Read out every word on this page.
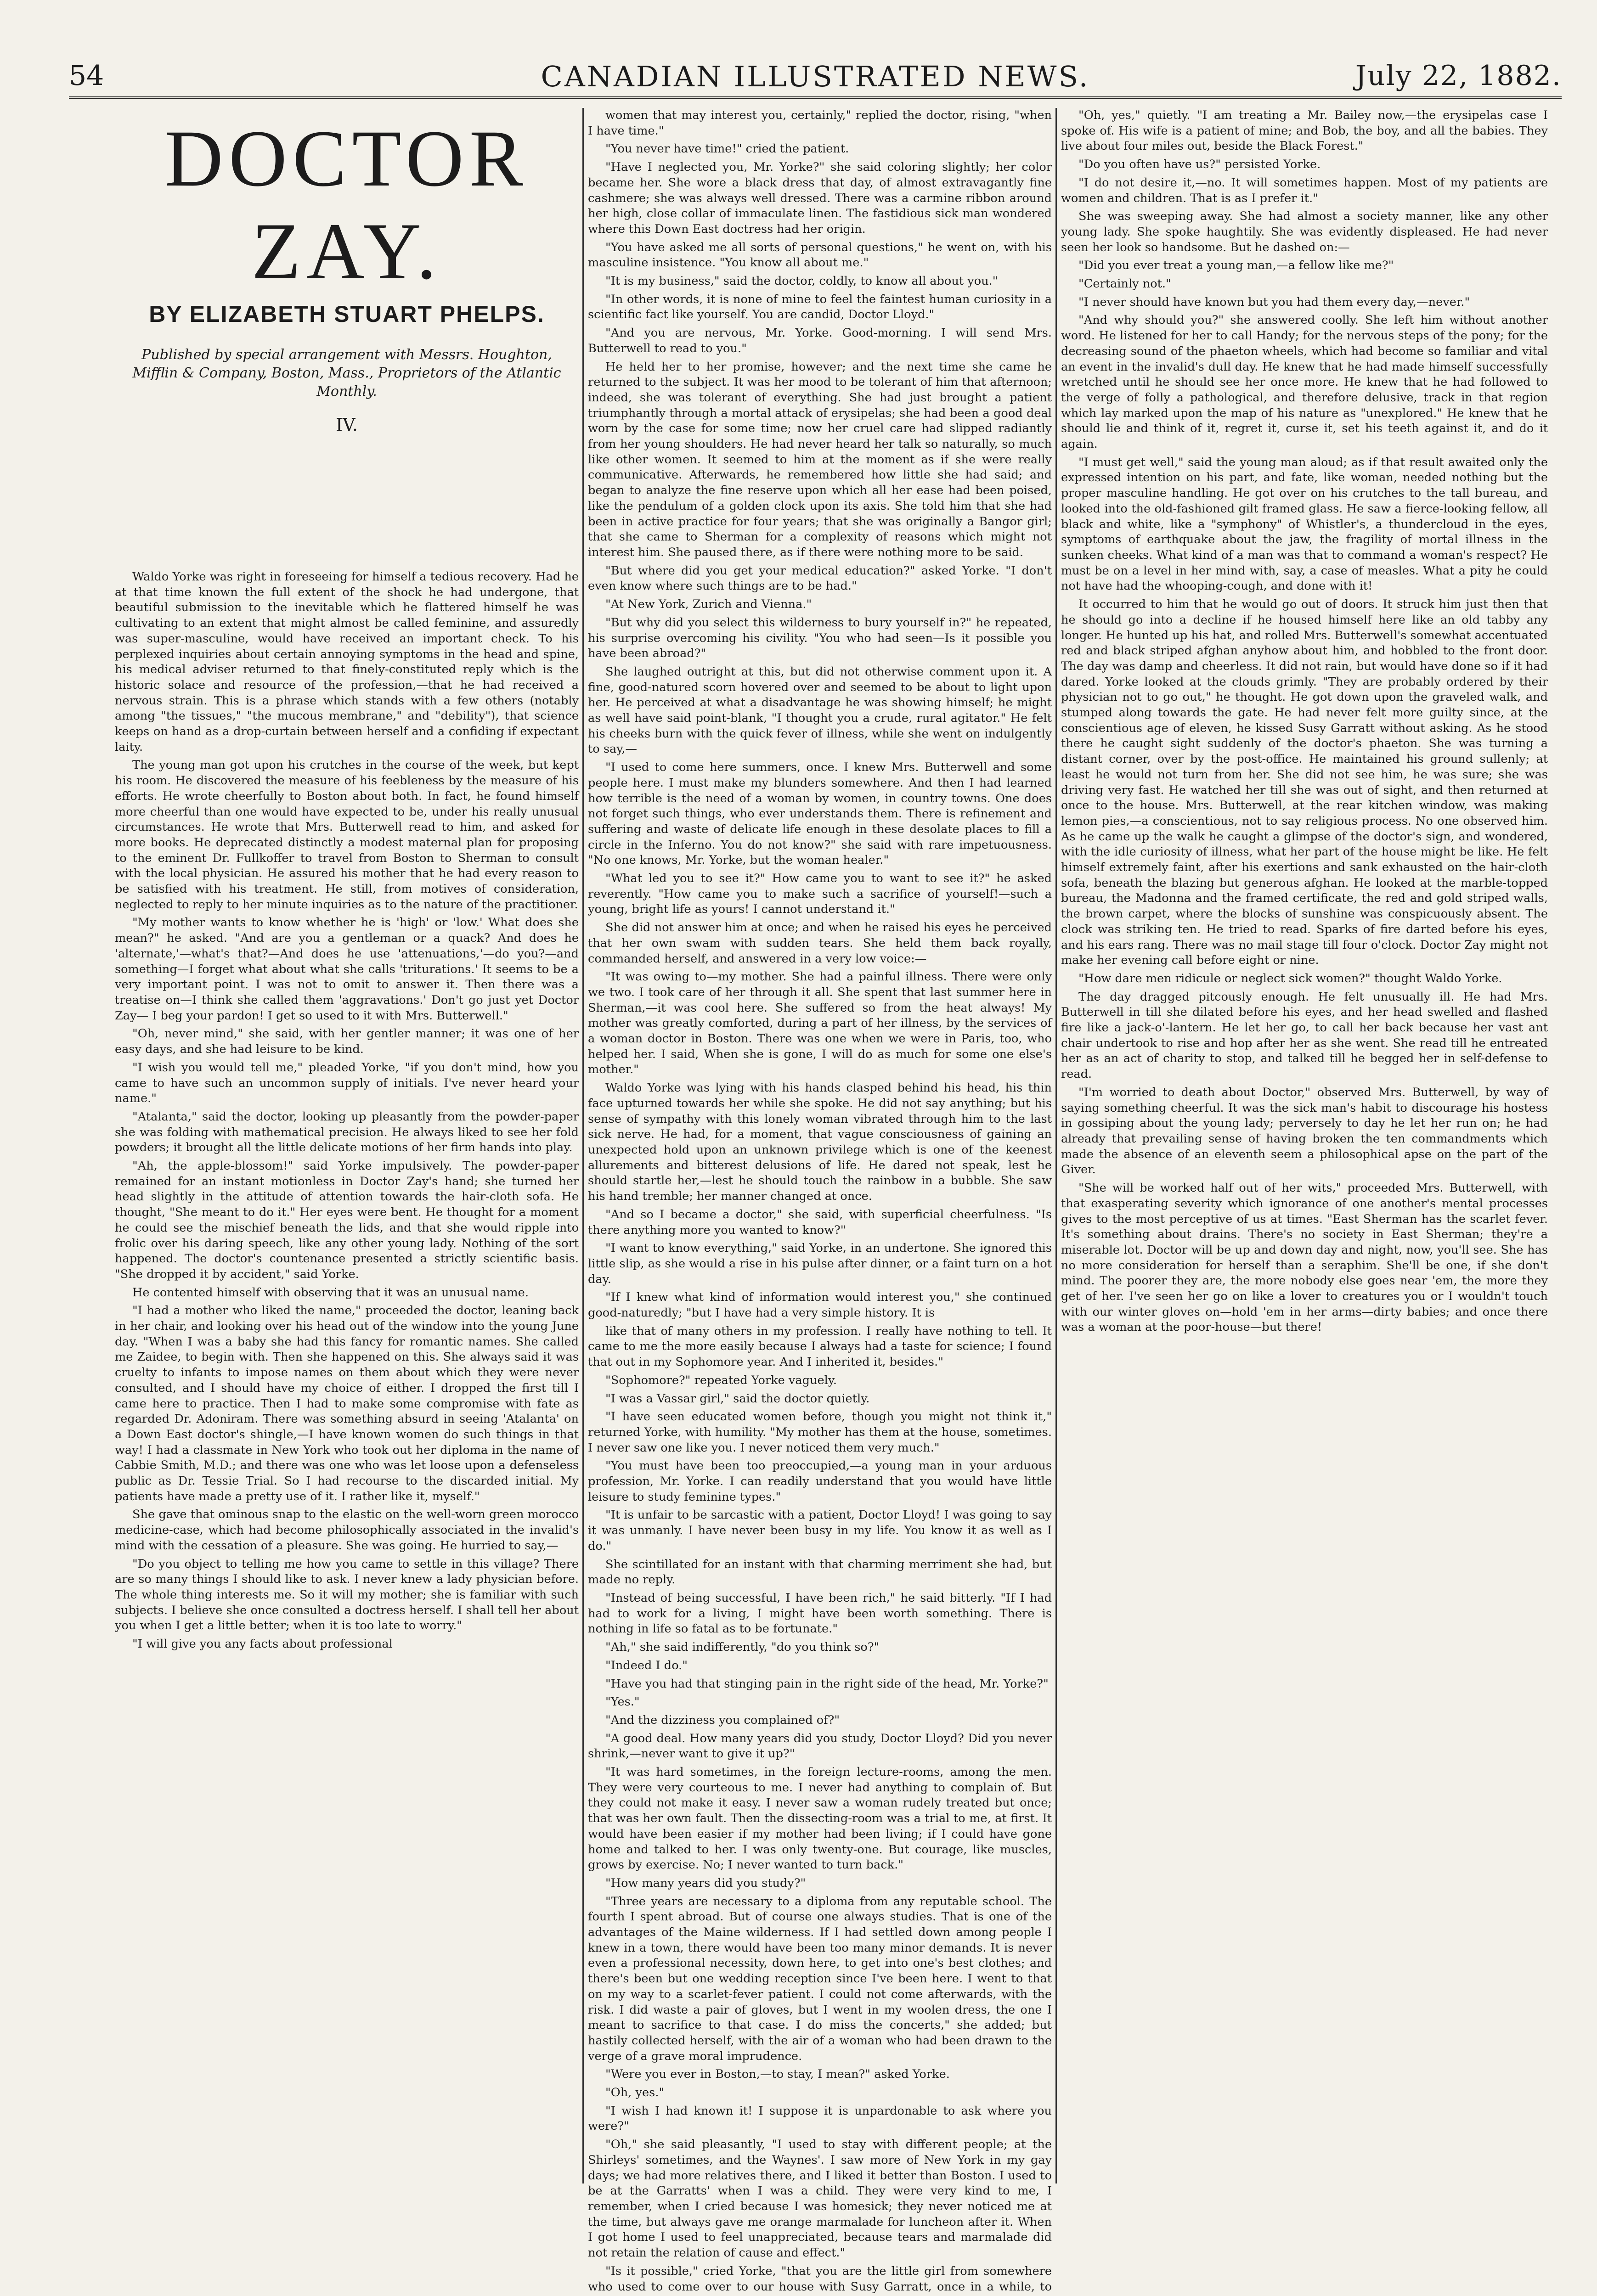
54	CANADIAN ILLUSTRATED NEWS.	July 22, 1882.
DOCTOR ZAY.
BY ELIZABETH STUART PHELPS.
Published by special arrangement with Messrs. Houghton, Mifflin & Company, Boston, Mass., Proprietors of the Atlantic Monthly.
IV.

Waldo Yorke was right in foreseeing for himself a tedious recovery. Had he at that time known the full extent of the shock he had undergone, that beautiful submission to the inevitable which he flattered himself he was cultivating to an extent that might almost be called feminine, and assuredly was super-masculine, would have received an important check. To his perplexed inquiries about certain annoying symptoms in the head and spine, his medical adviser returned to that finely-constituted reply which is the historic solace and resource of the profession,—that he had received a nervous strain. This is a phrase which stands with a few others (notably among "the tissues," "the mucous membrane," and "debility"), that science keeps on hand as a drop-curtain between herself and a confiding if expectant laity.

The young man got upon his crutches in the course of the week, but kept his room. He discovered the measure of his feebleness by the measure of his efforts. He wrote cheerfully to Boston about both. In fact, he found himself more cheerful than one would have expected to be, under his really unusual circumstances. He wrote that Mrs. Butterwell read to him, and asked for more books. He deprecated distinctly a modest maternal plan for proposing to the eminent Dr. Fullkoffer to travel from Boston to Sherman to consult with the local physician. He assured his mother that he had every reason to be satisfied with his treatment. He still, from motives of consideration, neglected to reply to her minute inquiries as to the nature of the practitioner.

"My mother wants to know whether he is 'high' or 'low.' What does she mean?" he asked. "And are you a gentleman or a quack? And does he 'alternate,'—what's that?—And does he use 'attenuations,'—do you?—and something—I forget what about what she calls 'triturations.' It seems to be a very important point. I was not to omit to answer it. Then there was a treatise on—I think she called them 'aggravations.' Don't go just yet Doctor Zay— I beg your pardon! I get so used to it with Mrs. Butterwell."

"Oh, never mind," she said, with her gentler manner; it was one of her easy days, and she had leisure to be kind.

"I wish you would tell me," pleaded Yorke, "if you don't mind, how you came to have such an uncommon supply of initials. I've never heard your name."

"Atalanta," said the doctor, looking up pleasantly from the powder-paper she was folding with mathematical precision. He always liked to see her fold powders; it brought all the little delicate motions of her firm hands into play.

"Ah, the apple-blossom!" said Yorke impulsively. The powder-paper remained for an instant motionless in Doctor Zay's hand; she turned her head slightly in the attitude of attention towards the hair-cloth sofa. He thought, "She meant to do it." Her eyes were bent. He thought for a moment he could see the mischief beneath the lids, and that she would ripple into frolic over his daring speech, like any other young lady. Nothing of the sort happened. The doctor's countenance presented a strictly scientific basis. "She dropped it by accident," said Yorke.

He contented himself with observing that it was an unusual name.

"I had a mother who liked the name," proceeded the doctor, leaning back in her chair, and looking over his head out of the window into the young June day. "When I was a baby she had this fancy for romantic names. She called me Zaidee, to begin with. Then she happened on this. She always said it was cruelty to infants to impose names on them about which they were never consulted, and I should have my choice of either. I dropped the first till I came here to practice. Then I had to make some compromise with fate as regarded Dr. Adoniram. There was something absurd in seeing 'Atalanta' on a Down East doctor's shingle,—I have known women do such things in that way! I had a classmate in New York who took out her diploma in the name of Cabbie Smith, M.D.; and there was one who was let loose upon a defenseless public as Dr. Tessie Trial. So I had recourse to the discarded initial. My patients have made a pretty use of it. I rather like it, myself."

She gave that ominous snap to the elastic on the well-worn green morocco medicine-case, which had become philosophically associated in the invalid's mind with the cessation of a pleasure. She was going. He hurried to say,—

"Do you object to telling me how you came to settle in this village? There are so many things I should like to ask. I never knew a lady physician before. The whole thing interests me. So it will my mother; she is familiar with such subjects. I believe she once consulted a doctress herself. I shall tell her about you when I get a little better; when it is too late to worry."

"I will give you any facts about professional

women that may interest you, certainly," replied the doctor, rising, "when I have time."

"You never have time!" cried the patient.

"Have I neglected you, Mr. Yorke?" she said coloring slightly; her color became her. She wore a black dress that day, of almost extravagantly fine cashmere; she was always well dressed. There was a carmine ribbon around her high, close collar of immaculate linen. The fastidious sick man wondered where this Down East doctress had her origin.

"You have asked me all sorts of personal questions," he went on, with his masculine insistence. "You know all about me."

"It is my business," said the doctor, coldly, to know all about you."

"In other words, it is none of mine to feel the faintest human curiosity in a scientific fact like yourself. You are candid, Doctor Lloyd."

"And you are nervous, Mr. Yorke. Good-morning. I will send Mrs. Butterwell to read to you."

He held her to her promise, however; and the next time she came he returned to the subject. It was her mood to be tolerant of him that afternoon; indeed, she was tolerant of everything. She had just brought a patient triumphantly through a mortal attack of erysipelas; she had been a good deal worn by the case for some time; now her cruel care had slipped radiantly from her young shoulders. He had never heard her talk so naturally, so much like other women. It seemed to him at the moment as if she were really communicative. Afterwards, he remembered how little she had said; and began to analyze the fine reserve upon which all her ease had been poised, like the pendulum of a golden clock upon its axis. She told him that she had been in active practice for four years; that she was originally a Bangor girl; that she came to Sherman for a complexity of reasons which might not interest him. She paused there, as if there were nothing more to be said.

"But where did you get your medical education?" asked Yorke. "I don't even know where such things are to be had."

"At New York, Zurich and Vienna."

"But why did you select this wilderness to bury yourself in?" he repeated, his surprise overcoming his civility. "You who had seen—Is it possible you have been abroad?"

She laughed outright at this, but did not otherwise comment upon it. A fine, good-natured scorn hovered over and seemed to be about to light upon her. He perceived at what a disadvantage he was showing himself; he might as well have said point-blank, "I thought you a crude, rural agitator." He felt his cheeks burn with the quick fever of illness, while she went on indulgently to say,—

"I used to come here summers, once. I knew Mrs. Butterwell and some people here. I must make my blunders somewhere. And then I had learned how terrible is the need of a woman by women, in country towns. One does not forget such things, who ever understands them. There is refinement and suffering and waste of delicate life enough in these desolate places to fill a circle in the Inferno. You do not know?" she said with rare impetuousness. "No one knows, Mr. Yorke, but the woman healer."

"What led you to see it?" How came you to want to see it?" he asked reverently. "How came you to make such a sacrifice of yourself!—such a young, bright life as yours! I cannot understand it."

She did not answer him at once; and when he raised his eyes he perceived that her own swam with sudden tears. She held them back royally, commanded herself, and answered in a very low voice:—

"It was owing to—my mother. She had a painful illness. There were only we two. I took care of her through it all. She spent that last summer here in Sherman,—it was cool here. She suffered so from the heat always! My mother was greatly comforted, during a part of her illness, by the services of a woman doctor in Boston. There was one when we were in Paris, too, who helped her. I said, When she is gone, I will do as much for some one else's mother."

Waldo Yorke was lying with his hands clasped behind his head, his thin face upturned towards her while she spoke. He did not say anything; but his sense of sympathy with this lonely woman vibrated through him to the last sick nerve. He had, for a moment, that vague consciousness of gaining an unexpected hold upon an unknown privilege which is one of the keenest allurements and bitterest delusions of life. He dared not speak, lest he should startle her,—lest he should touch the rainbow in a bubble. She saw his hand tremble; her manner changed at once.

"And so I became a doctor," she said, with superficial cheerfulness. "Is there anything more you wanted to know?"

"I want to know everything," said Yorke, in an undertone. She ignored this little slip, as she would a rise in his pulse after dinner, or a faint turn on a hot day.

"If I knew what kind of information would interest you," she continued good-naturedly; "but I have had a very simple history. It is

like that of many others in my profession. I really have nothing to tell. It came to me the more easily because I always had a taste for science; I found that out in my Sophomore year. And I inherited it, besides."

"Sophomore?" repeated Yorke vaguely.

"I was a Vassar girl," said the doctor quietly.

"I have seen educated women before, though you might not think it," returned Yorke, with humility. "My mother has them at the house, sometimes. I never saw one like you. I never noticed them very much."

"You must have been too preoccupied,—a young man in your arduous profession, Mr. Yorke. I can readily understand that you would have little leisure to study feminine types."

"It is unfair to be sarcastic with a patient, Doctor Lloyd! I was going to say it was unmanly. I have never been busy in my life. You know it as well as I do."

She scintillated for an instant with that charming merriment she had, but made no reply.

"Instead of being successful, I have been rich," he said bitterly. "If I had had to work for a living, I might have been worth something. There is nothing in life so fatal as to be fortunate."

"Ah," she said indifferently, "do you think so?"

"Indeed I do."

"Have you had that stinging pain in the right side of the head, Mr. Yorke?"

"Yes."

"And the dizziness you complained of?"

"A good deal. How many years did you study, Doctor Lloyd? Did you never shrink,—never want to give it up?"

"It was hard sometimes, in the foreign lecture-rooms, among the men. They were very courteous to me. I never had anything to complain of. But they could not make it easy. I never saw a woman rudely treated but once; that was her own fault. Then the dissecting-room was a trial to me, at first. It would have been easier if my mother had been living; if I could have gone home and talked to her. I was only twenty-one. But courage, like muscles, grows by exercise. No; I never wanted to turn back."

"How many years did you study?"

"Three years are necessary to a diploma from any reputable school. The fourth I spent abroad. But of course one always studies. That is one of the advantages of the Maine wilderness. If I had settled down among people I knew in a town, there would have been too many minor demands. It is never even a professional necessity, down here, to get into one's best clothes; and there's been but one wedding reception since I've been here. I went to that on my way to a scarlet-fever patient. I could not come afterwards, with the risk. I did waste a pair of gloves, but I went in my woolen dress, the one I meant to sacrifice to that case. I do miss the concerts," she added; but hastily collected herself, with the air of a woman who had been drawn to the verge of a grave moral imprudence.

"Were you ever in Boston,—to stay, I mean?" asked Yorke.

"Oh, yes."

"I wish I had known it! I suppose it is unpardonable to ask where you were?"

"Oh," she said pleasantly, "I used to stay with different people; at the Shirleys' sometimes, and the Waynes'. I saw more of New York in my gay days; we had more relatives there, and I liked it better than Boston. I used to be at the Garratts' when I was a child. They were very kind to me, I remember, when I cried because I was homesick; they never noticed me at the time, but always gave me orange marmalade for luncheon after it. When I got home I used to feel unappreciated, because tears and marmalade did not retain the relation of cause and effect."

"Is it possible," cried Yorke, "that you are the little girl from somewhere who used to come over to our house with Susy Garratt, once in a while, to

"Oh, yes," quietly. "I am treating a Mr. Bailey now,—the erysipelas case I spoke of. His wife is a patient of mine; and Bob, the boy, and all the babies. They live about four miles out, beside the Black Forest."

"Do you often have us?" persisted Yorke.

"I do not desire it,—no. It will sometimes happen. Most of my patients are women and children. That is as I prefer it."

She was sweeping away. She had almost a society manner, like any other young lady. She spoke haughtily. She was evidently displeased. He had never seen her look so handsome. But he dashed on:—

"Did you ever treat a young man,—a fellow like me?"

"Certainly not."

"I never should have known but you had them every day,—never."

"And why should you?" she answered coolly. She left him without another word. He listened for her to call Handy; for the nervous steps of the pony; for the decreasing sound of the phaeton wheels, which had become so familiar and vital an event in the invalid's dull day. He knew that he had made himself successfully wretched until he should see her once more. He knew that he had followed to the verge of folly a pathological, and therefore delusive, track in that region which lay marked upon the map of his nature as "unexplored." He knew that he should lie and think of it, regret it, curse it, set his teeth against it, and do it again.

"I must get well," said the young man aloud; as if that result awaited only the expressed intention on his part, and fate, like woman, needed nothing but the proper masculine handling. He got over on his crutches to the tall bureau, and looked into the old-fashioned gilt framed glass. He saw a fierce-looking fellow, all black and white, like a "symphony" of Whistler's, a thundercloud in the eyes, symptoms of earthquake about the jaw, the fragility of mortal illness in the sunken cheeks. What kind of a man was that to command a woman's respect? He must be on a level in her mind with, say, a case of measles. What a pity he could not have had the whooping-cough, and done with it!

It occurred to him that he would go out of doors. It struck him just then that he should go into a decline if he housed himself here like an old tabby any longer. He hunted up his hat, and rolled Mrs. Butterwell's somewhat accentuated red and black striped afghan anyhow about him, and hobbled to the front door. The day was damp and cheerless. It did not rain, but would have done so if it had dared. Yorke looked at the clouds grimly. "They are probably ordered by their physician not to go out," he thought. He got down upon the graveled walk, and stumped along towards the gate. He had never felt more guilty since, at the conscientious age of eleven, he kissed Susy Garratt without asking. As he stood there he caught sight suddenly of the doctor's phaeton. She was turning a distant corner, over by the post-office. He maintained his ground sullenly; at least he would not turn from her. She did not see him, he was sure; she was driving very fast. He watched her till she was out of sight, and then returned at once to the house. Mrs. Butterwell, at the rear kitchen window, was making lemon pies,—a conscientious, not to say religious process. No one observed him. As he came up the walk he caught a glimpse of the doctor's sign, and wondered, with the idle curiosity of illness, what her part of the house might be like. He felt himself extremely faint, after his exertions and sank exhausted on the hair-cloth sofa, beneath the blazing but generous afghan. He looked at the marble-topped bureau, the Madonna and the framed certificate, the red and gold striped walls, the brown carpet, where the blocks of sunshine was conspicuously absent. The clock was striking ten. He tried to read. Sparks of fire darted before his eyes, and his ears rang. There was no mail stage till four o'clock. Doctor Zay might not make her evening call before eight or nine.

"How dare men ridicule or neglect sick women?" thought Waldo Yorke.

The day dragged pitcously enough. He felt unusually ill. He had Mrs. Butterwell in till she dilated before his eyes, and her head swelled and flashed fire like a jack-o'-lantern. He let her go, to call her back because her vast ant chair undertook to rise and hop after her as she went. She read till he entreated her as an act of charity to stop, and talked till he begged her in self-defense to read.

"I'm worried to death about Doctor," observed Mrs. Butterwell, by way of saying something cheerful. It was the sick man's habit to discourage his hostess in gossiping about the young lady; perversely to day he let her run on; he had already that prevailing sense of having broken the ten commandments which made the absence of an eleventh seem a philosophical apse on the part of the Giver.

"She will be worked half out of her wits," proceeded Mrs. Butterwell, with that exasperating severity which ignorance of one another's mental processes gives to the most perceptive of us at times. "East Sherman has the scarlet fever. It's something about drains. There's no society in East Sherman; they're a miserable lot. Doctor will be up and down day and night, now, you'll see. She has no more consideration for herself than a seraphim. She'll be one, if she don't mind. The poorer they are, the more nobody else goes near 'em, the more they get of her. I've seen her go on like a lover to creatures you or I wouldn't touch with our winter gloves on—hold 'em in her arms—dirty babies; and once there was a woman at the poor-house—but there!
